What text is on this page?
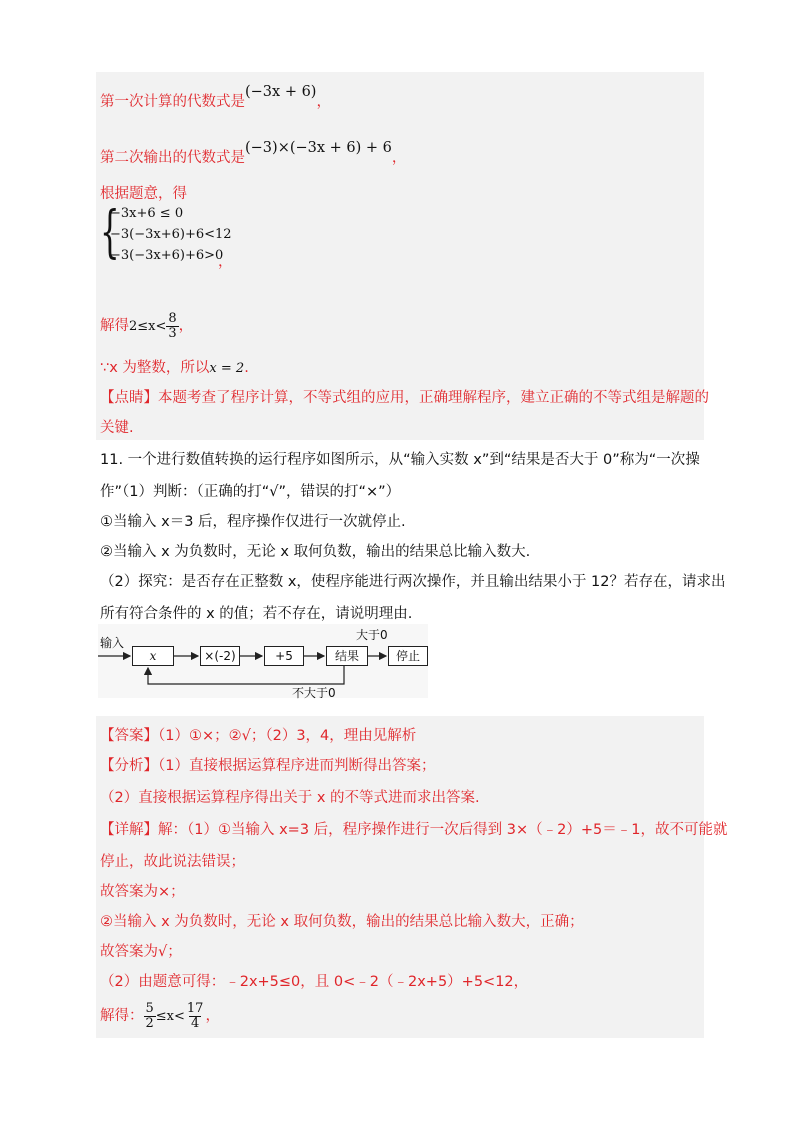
第一次计算的代数式是(−3x + 6)，
第二次输出的代数式是(−3)×(−3x + 6) + 6，
根据题意，得
{
−3x+6 ≤ 0
−3(−3x+6)+6<12
−3(−3x+6)+6>0
，
解得$2\le x< \frac{8}{3}$ ，
∵x 为整数，所以x = 2.
【点睛】本题考查了程序计算，不等式组的应用，正确理解程序，建立正确的不等式组是解题的
关键.
11. 一个进行数值转换的运行程序如图所示，从“输入实数 x”到“结果是否大于 0”称为“一次操
作”（1）判断：（正确的打“√”，错误的打“×”）
①当输入 x＝3 后，程序操作仅进行一次就停止.
②当输入 x 为负数时，无论 x 取何负数，输出的结果总比输入数大.
（2）探究：是否存在正整数 x，使程序能进行两次操作，并且输出结果小于 12？若存在，请求出
所有符合条件的 x 的值；若不存在，请说明理由.
输入
x	×(-2)	+5	结果	停止
大于0
不大于0
【答案】（1）①×；②√；（2）3，4，理由见解析
【分析】（1）直接根据运算程序进而判断得出答案；
（2）直接根据运算程序得出关于 x 的不等式进而求出答案.
【详解】解：（1）①当输入 x=3 后，程序操作进行一次后得到 3×（﹣2）+5＝﹣1，故不可能就
停止，故此说法错误；
故答案为×；
②当输入 x 为负数时，无论 x 取何负数，输出的结果总比输入数大，正确；
故答案为√；
（2）由题意可得：﹣2x+5≤0，且 0<﹣2（﹣2x+5）+5<12，
解得： $\frac{5}{2} \le x< \frac{17}{4}$ ，
